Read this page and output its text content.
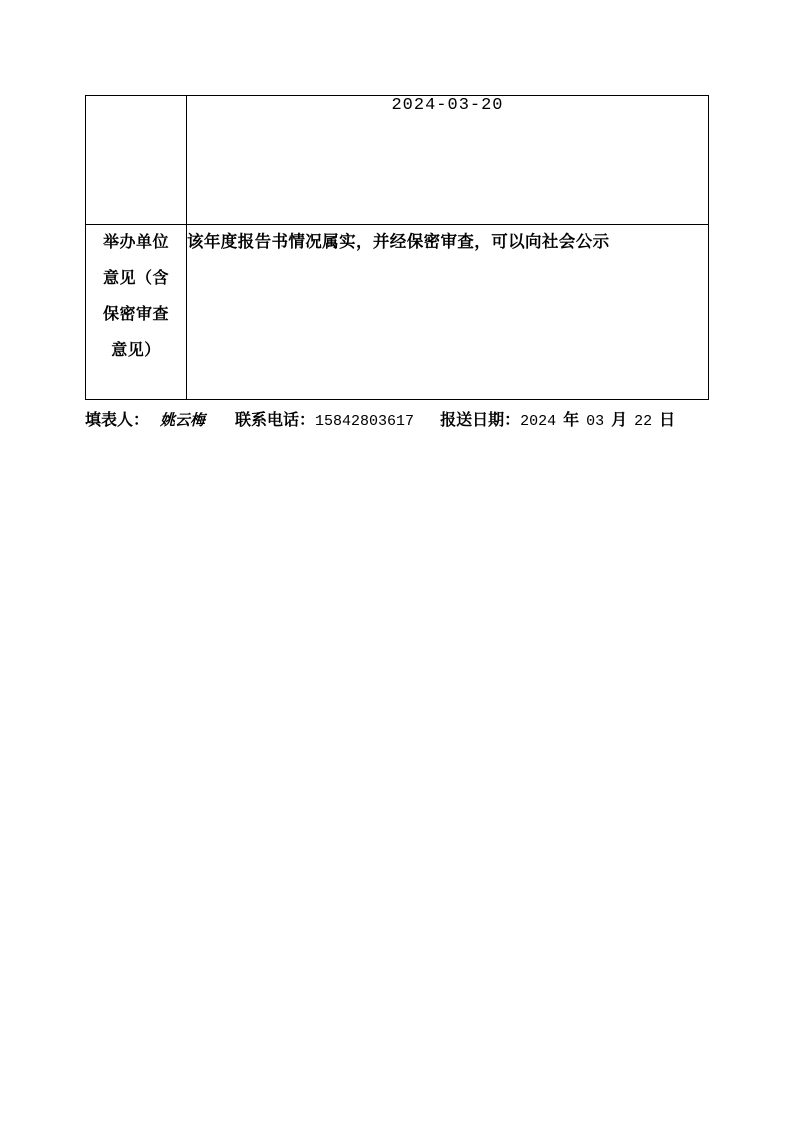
	2024-03-20

举办单位
意见（含
保密审查
意见）	该年度报告书情况属实，并经保密审查，可以向社会公示
填表人： 姚云梅 联系电话：15842803617 报送日期：2024 年 03 月 22 日
